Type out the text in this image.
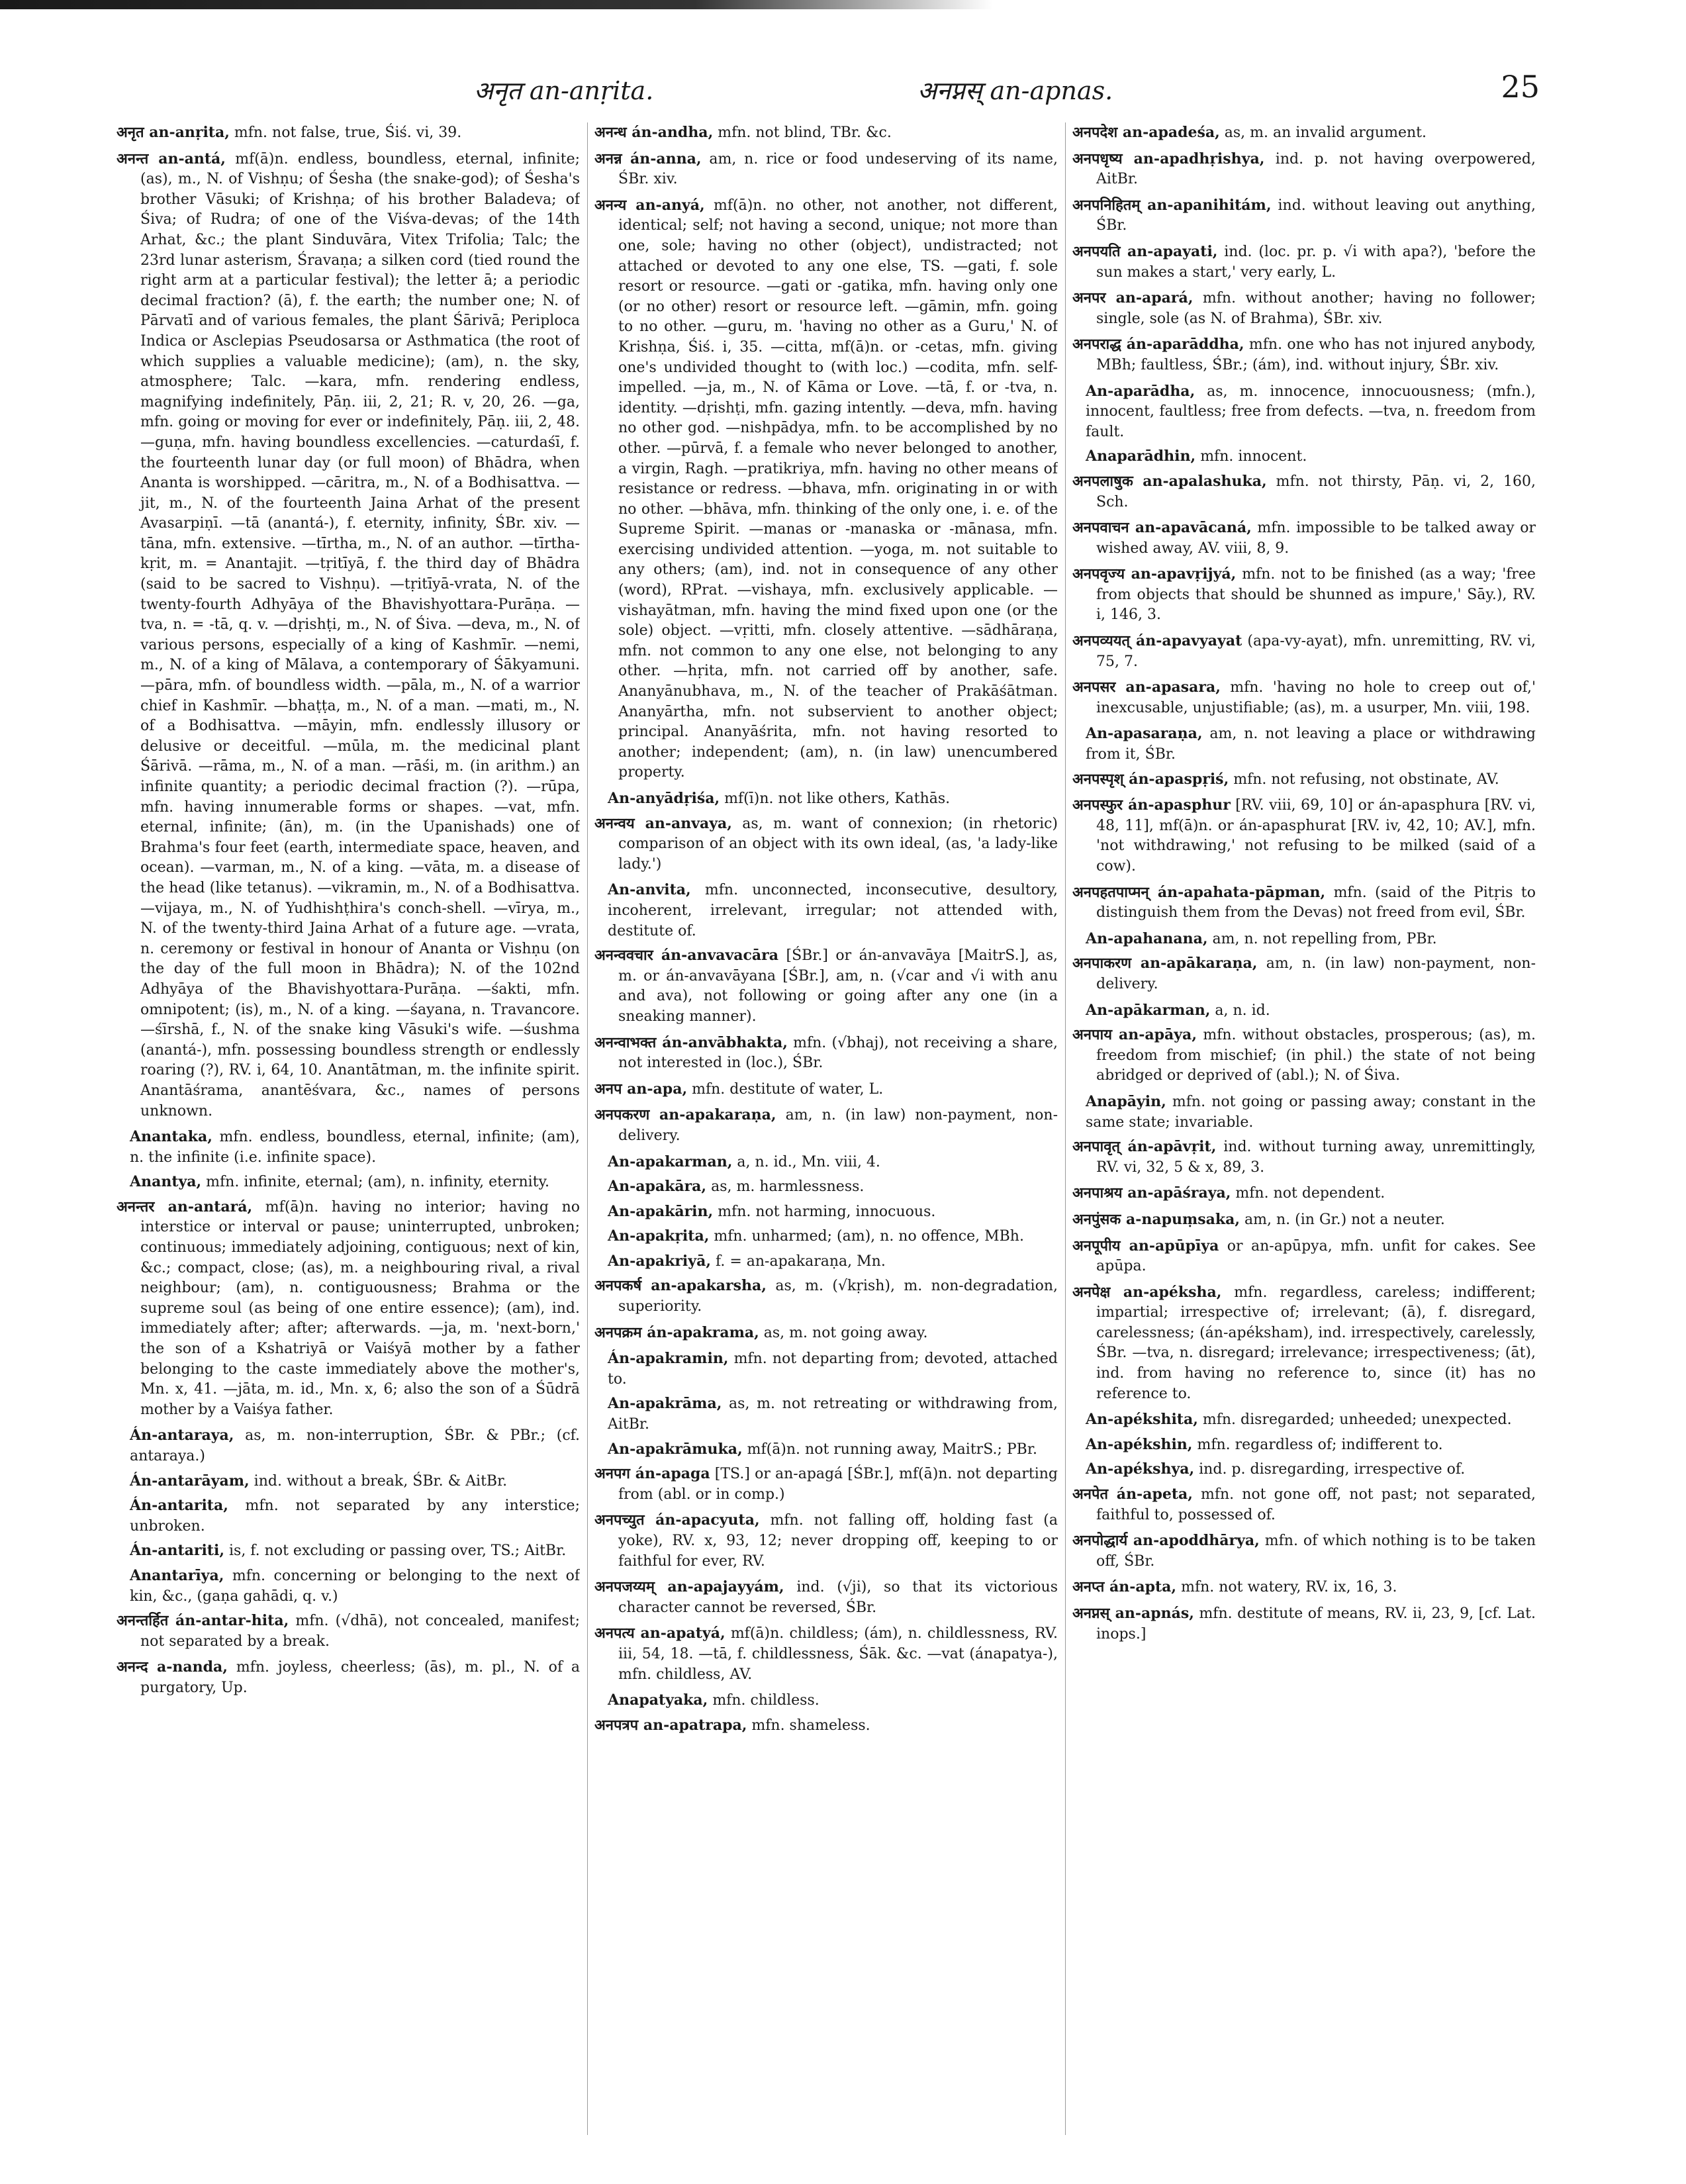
अनृत an-anṛita.	अनप्नस् an-apnas.	25

अनृत an-anṛita, mfn. not false, true, Śiś. vi, 39.

अनन्त an-antá, mf(ā)n. endless, boundless, eternal, infinite; (as), m., N. of Vishṇu; of Śesha (the snake-god); of Śesha's brother Vāsuki; of Krishṇa; of his brother Baladeva; of Śiva; of Rudra; of one of the Viśva-devas; of the 14th Arhat, &c.; the plant Sinduvāra, Vitex Trifolia; Talc; the 23rd lunar asterism, Śravaṇa; a silken cord (tied round the right arm at a particular festival); the letter ā; a periodic decimal fraction? (ā), f. the earth; the number one; N. of Pārvatī and of various females, the plant Śārivā; Periploca Indica or Asclepias Pseudosarsa or Asthmatica (the root of which supplies a valuable medicine); (am), n. the sky, atmosphere; Talc. —kara, mfn. rendering endless, magnifying indefinitely, Pāṇ. iii, 2, 21; R. v, 20, 26. —ga, mfn. going or moving for ever or indefinitely, Pāṇ. iii, 2, 48. —guṇa, mfn. having boundless excellencies. —caturdaśī, f. the fourteenth lunar day (or full moon) of Bhādra, when Ananta is worshipped. —cāritra, m., N. of a Bodhisattva. —jit, m., N. of the fourteenth Jaina Arhat of the present Avasarpiṇī. —tā (anantá-), f. eternity, infinity, ŚBr. xiv. —tāna, mfn. extensive. —tīrtha, m., N. of an author. —tīrtha-kṛit, m. = Anantajit. —tṛitīyā, f. the third day of Bhādra (said to be sacred to Vishṇu). —tṛitīyā-vrata, N. of the twenty-fourth Adhyāya of the Bhavishyottara-Purāṇa. —tva, n. = -tā, q. v. —dṛishṭi, m., N. of Śiva. —deva, m., N. of various persons, especially of a king of Kashmīr. —nemi, m., N. of a king of Mālava, a contemporary of Śākyamuni. —pāra, mfn. of boundless width. —pāla, m., N. of a warrior chief in Kashmīr. —bhaṭṭa, m., N. of a man. —mati, m., N. of a Bodhisattva. —māyin, mfn. endlessly illusory or delusive or deceitful. —mūla, m. the medicinal plant Śārivā. —rāma, m., N. of a man. —rāśi, m. (in arithm.) an infinite quantity; a periodic decimal fraction (?). —rūpa, mfn. having innumerable forms or shapes. —vat, mfn. eternal, infinite; (ān), m. (in the Upanishads) one of Brahma's four feet (earth, intermediate space, heaven, and ocean). —varman, m., N. of a king. —vāta, m. a disease of the head (like tetanus). —vikramin, m., N. of a Bodhisattva. —vijaya, m., N. of Yudhishṭhira's conch-shell. —vīrya, m., N. of the twenty-third Jaina Arhat of a future age. —vrata, n. ceremony or festival in honour of Ananta or Vishṇu (on the day of the full moon in Bhādra); N. of the 102nd Adhyāya of the Bhavishyottara-Purāṇa. —śakti, mfn. omnipotent; (is), m., N. of a king. —śayana, n. Travancore. —śīrshā, f., N. of the snake king Vāsuki's wife. —śushma (anantá-), mfn. possessing boundless strength or endlessly roaring (?), RV. i, 64, 10. Anantātman, m. the infinite spirit. Anantāśrama, anantēśvara, &c., names of persons unknown.

Anantaka, mfn. endless, boundless, eternal, infinite; (am), n. the infinite (i.e. infinite space).

Anantya, mfn. infinite, eternal; (am), n. infinity, eternity.

अनन्तर an-antará, mf(ā)n. having no interior; having no interstice or interval or pause; uninterrupted, unbroken; continuous; immediately adjoining, contiguous; next of kin, &c.; compact, close; (as), m. a neighbouring rival, a rival neighbour; (am), n. contiguousness; Brahma or the supreme soul (as being of one entire essence); (am), ind. immediately after; after; afterwards. —ja, m. 'next-born,' the son of a Kshatriyā or Vaiśyā mother by a father belonging to the caste immediately above the mother's, Mn. x, 41. —jāta, m. id., Mn. x, 6; also the son of a Śūdrā mother by a Vaiśya father.

Án-antaraya, as, m. non-interruption, ŚBr. & PBr.; (cf. antaraya.)

Án-antarāyam, ind. without a break, ŚBr. & AitBr.

Án-antarita, mfn. not separated by any interstice; unbroken.

Án-antariti, is, f. not excluding or passing over, TS.; AitBr.

Anantarīya, mfn. concerning or belonging to the next of kin, &c., (gaṇa gahādi, q. v.)

अनन्तर्हित án-antar-hita, mfn. (√dhā), not concealed, manifest; not separated by a break.

अनन्द a-nanda, mfn. joyless, cheerless; (ās), m. pl., N. of a purgatory, Up.

अनन्ध án-andha, mfn. not blind, TBr. &c.

अनन्न án-anna, am, n. rice or food undeserving of its name, ŚBr. xiv.

अनन्य an-anyá, mf(ā)n. no other, not another, not different, identical; self; not having a second, unique; not more than one, sole; having no other (object), undistracted; not attached or devoted to any one else, TS. —gati, f. sole resort or resource. —gati or -gatika, mfn. having only one (or no other) resort or resource left. —gāmin, mfn. going to no other. —guru, m. 'having no other as a Guru,' N. of Krishṇa, Śiś. i, 35. —citta, mf(ā)n. or -cetas, mfn. giving one's undivided thought to (with loc.) —codita, mfn. self-impelled. —ja, m., N. of Kāma or Love. —tā, f. or -tva, n. identity. —dṛishṭi, mfn. gazing intently. —deva, mfn. having no other god. —nishpādya, mfn. to be accomplished by no other. —pūrvā, f. a female who never belonged to another, a virgin, Ragh. —pratikriya, mfn. having no other means of resistance or redress. —bhava, mfn. originating in or with no other. —bhāva, mfn. thinking of the only one, i. e. of the Supreme Spirit. —manas or -manaska or -mānasa, mfn. exercising undivided attention. —yoga, m. not suitable to any others; (am), ind. not in consequence of any other (word), RPrat. —vishaya, mfn. exclusively applicable. —vishayātman, mfn. having the mind fixed upon one (or the sole) object. —vṛitti, mfn. closely attentive. —sādhāraṇa, mfn. not common to any one else, not belonging to any other. —hṛita, mfn. not carried off by another, safe. Ananyānubhava, m., N. of the teacher of Prakāśātman. Ananyārtha, mfn. not subservient to another object; principal. Ananyāśrita, mfn. not having resorted to another; independent; (am), n. (in law) unencumbered property.

An-anyādṛiśa, mf(ī)n. not like others, Kathās.

अनन्वय an-anvaya, as, m. want of connexion; (in rhetoric) comparison of an object with its own ideal, (as, 'a lady-like lady.')

An-anvita, mfn. unconnected, inconsecutive, desultory, incoherent, irrelevant, irregular; not attended with, destitute of.

अनन्ववचार án-anvavacāra [ŚBr.] or án-anvavāya [MaitrS.], as, m. or án-anvavāyana [ŚBr.], am, n. (√car and √i with anu and ava), not following or going after any one (in a sneaking manner).

अनन्वाभक्त án-anvābhakta, mfn. (√bhaj), not receiving a share, not interested in (loc.), ŚBr.

अनप an-apa, mfn. destitute of water, L.

अनपकरण an-apakaraṇa, am, n. (in law) non-payment, non-delivery.

An-apakarman, a, n. id., Mn. viii, 4.

An-apakāra, as, m. harmlessness.

An-apakārin, mfn. not harming, innocuous.

An-apakṛita, mfn. unharmed; (am), n. no offence, MBh.

An-apakriyā, f. = an-apakaraṇa, Mn.

अनपकर्ष an-apakarsha, as, m. (√kṛish), m. non-degradation, superiority.

अनपक्रम án-apakrama, as, m. not going away.

Án-apakramin, mfn. not departing from; devoted, attached to.

An-apakrāma, as, m. not retreating or withdrawing from, AitBr.

An-apakrāmuka, mf(ā)n. not running away, MaitrS.; PBr.

अनपग án-apaga [TS.] or an-apagá [ŚBr.], mf(ā)n. not departing from (abl. or in comp.)

अनपच्युत án-apacyuta, mfn. not falling off, holding fast (a yoke), RV. x, 93, 12; never dropping off, keeping to or faithful for ever, RV.

अनपजय्यम् an-apajayyám, ind. (√ji), so that its victorious character cannot be reversed, ŚBr.

अनपत्य an-apatyá, mf(ā)n. childless; (ám), n. childlessness, RV. iii, 54, 18. —tā, f. childlessness, Śāk. &c. —vat (ánapatya-), mfn. childless, AV.

Anapatyaka, mfn. childless.

अनपत्रप an-apatrapa, mfn. shameless.

अनपदेश an-apadeśa, as, m. an invalid argument.

अनपधृष्य an-apadhṛishya, ind. p. not having overpowered, AitBr.

अनपनिहितम् an-apanihitám, ind. without leaving out anything, ŚBr.

अनपयति an-apayati, ind. (loc. pr. p. √i with apa?), 'before the sun makes a start,' very early, L.

अनपर an-apará, mfn. without another; having no follower; single, sole (as N. of Brahma), ŚBr. xiv.

अनपराद्ध án-aparāddha, mfn. one who has not injured anybody, MBh; faultless, ŚBr.; (ám), ind. without injury, ŚBr. xiv.

An-aparādha, as, m. innocence, innocuousness; (mfn.), innocent, faultless; free from defects. —tva, n. freedom from fault.

Anaparādhin, mfn. innocent.

अनपलाषुक an-apalashuka, mfn. not thirsty, Pāṇ. vi, 2, 160, Sch.

अनपवाचन an-apavācaná, mfn. impossible to be talked away or wished away, AV. viii, 8, 9.

अनपवृज्य an-apavṛijyá, mfn. not to be finished (as a way; 'free from objects that should be shunned as impure,' Sāy.), RV. i, 146, 3.

अनपव्ययत् án-apavyayat (apa-vy-ayat), mfn. unremitting, RV. vi, 75, 7.

अनपसर an-apasara, mfn. 'having no hole to creep out of,' inexcusable, unjustifiable; (as), m. a usurper, Mn. viii, 198.

An-apasaraṇa, am, n. not leaving a place or withdrawing from it, ŚBr.

अनपस्पृश् án-apaspṛiś, mfn. not refusing, not obstinate, AV.

अनपस्फुर án-apasphur [RV. viii, 69, 10] or án-apasphura [RV. vi, 48, 11], mf(ā)n. or án-apasphurat [RV. iv, 42, 10; AV.], mfn. 'not withdrawing,' not refusing to be milked (said of a cow).

अनपहतपाप्मन् án-apahata-pāpman, mfn. (said of the Pitṛis to distinguish them from the Devas) not freed from evil, ŚBr.

An-apahanana, am, n. not repelling from, PBr.

अनपाकरण an-apākaraṇa, am, n. (in law) non-payment, non-delivery.

An-apākarman, a, n. id.

अनपाय an-apāya, mfn. without obstacles, prosperous; (as), m. freedom from mischief; (in phil.) the state of not being abridged or deprived of (abl.); N. of Śiva.

Anapāyin, mfn. not going or passing away; constant in the same state; invariable.

अनपावृत् án-apāvṛit, ind. without turning away, unremittingly, RV. vi, 32, 5 & x, 89, 3.

अनपाश्रय an-apāśraya, mfn. not dependent.

अनपुंसक a-napuṃsaka, am, n. (in Gr.) not a neuter.

अनपूपीय an-apūpīya or an-apūpya, mfn. unfit for cakes. See apūpa.

अनपेक्ष an-apéksha, mfn. regardless, careless; indifferent; impartial; irrespective of; irrelevant; (ā), f. disregard, carelessness; (án-apéksham), ind. irrespectively, carelessly, ŚBr. —tva, n. disregard; irrelevance; irrespectiveness; (āt), ind. from having no reference to, since (it) has no reference to.

An-apékshita, mfn. disregarded; unheeded; unexpected.

An-apékshin, mfn. regardless of; indifferent to.

An-apékshya, ind. p. disregarding, irrespective of.

अनपेत án-apeta, mfn. not gone off, not past; not separated, faithful to, possessed of.

अनपोद्धार्य an-apoddhārya, mfn. of which nothing is to be taken off, ŚBr.

अनप्त án-apta, mfn. not watery, RV. ix, 16, 3.

अनप्नस् an-apnás, mfn. destitute of means, RV. ii, 23, 9, [cf. Lat. inops.]
